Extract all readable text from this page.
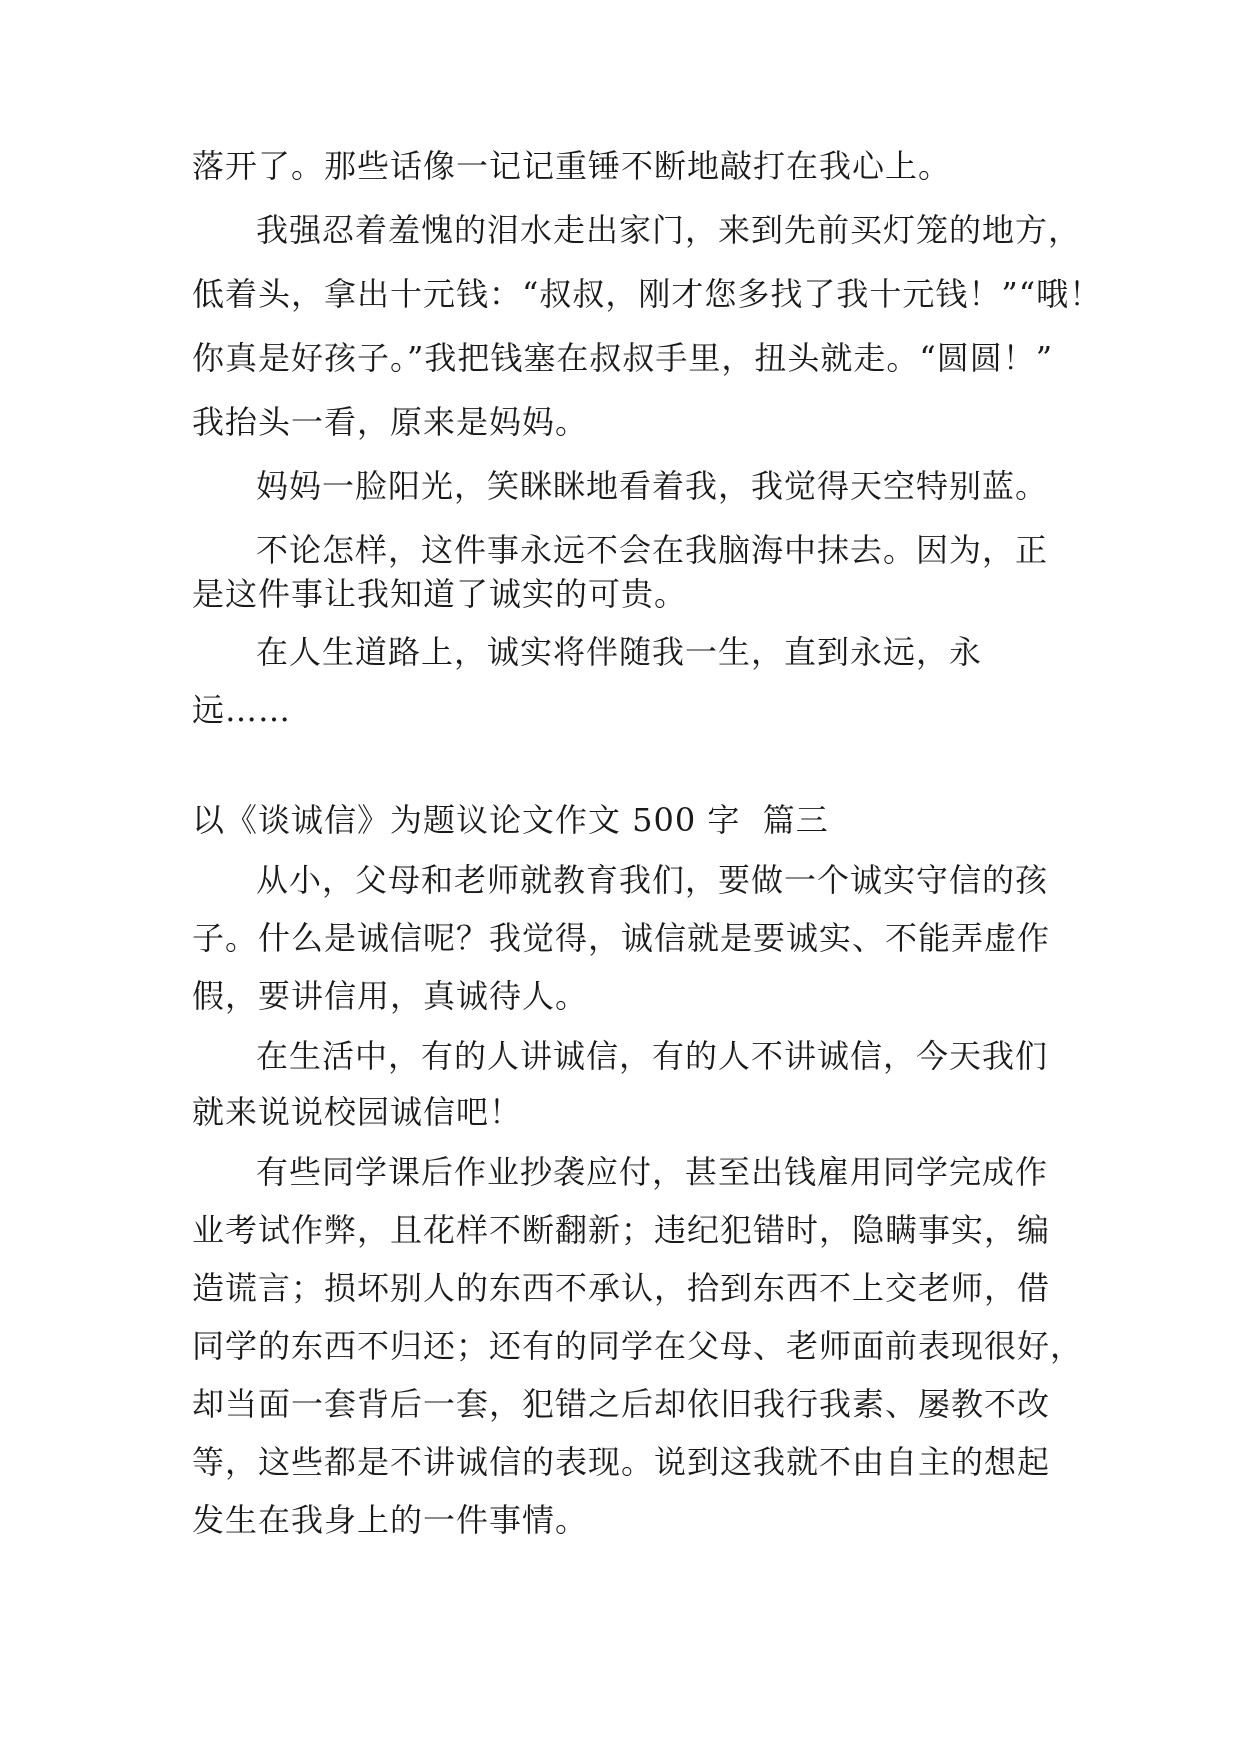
落开了。那些话像一记记重锤不断地敲打在我心上。
我强忍着羞愧的泪水走出家门，来到先前买灯笼的地方，
低着头，拿出十元钱：“叔叔，刚才您多找了我十元钱！”“哦！
你真是好孩子。”我把钱塞在叔叔手里，扭头就走。“圆圆！”
我抬头一看，原来是妈妈。
妈妈一脸阳光，笑眯眯地看着我，我觉得天空特别蓝。
不论怎样，这件事永远不会在我脑海中抹去。因为，正
是这件事让我知道了诚实的可贵。
在人生道路上，诚实将伴随我一生，直到永远，永
远……
以《谈诚信》为题议论文作文 500 字  篇三
从小，父母和老师就教育我们，要做一个诚实守信的孩
子。什么是诚信呢？我觉得，诚信就是要诚实、不能弄虚作
假，要讲信用，真诚待人。
在生活中，有的人讲诚信，有的人不讲诚信，今天我们
就来说说校园诚信吧！
有些同学课后作业抄袭应付，甚至出钱雇用同学完成作
业考试作弊，且花样不断翻新；违纪犯错时，隐瞒事实，编
造谎言；损坏别人的东西不承认，拾到东西不上交老师，借
同学的东西不归还；还有的同学在父母、老师面前表现很好，
却当面一套背后一套，犯错之后却依旧我行我素、屡教不改
等，这些都是不讲诚信的表现。说到这我就不由自主的想起
发生在我身上的一件事情。
